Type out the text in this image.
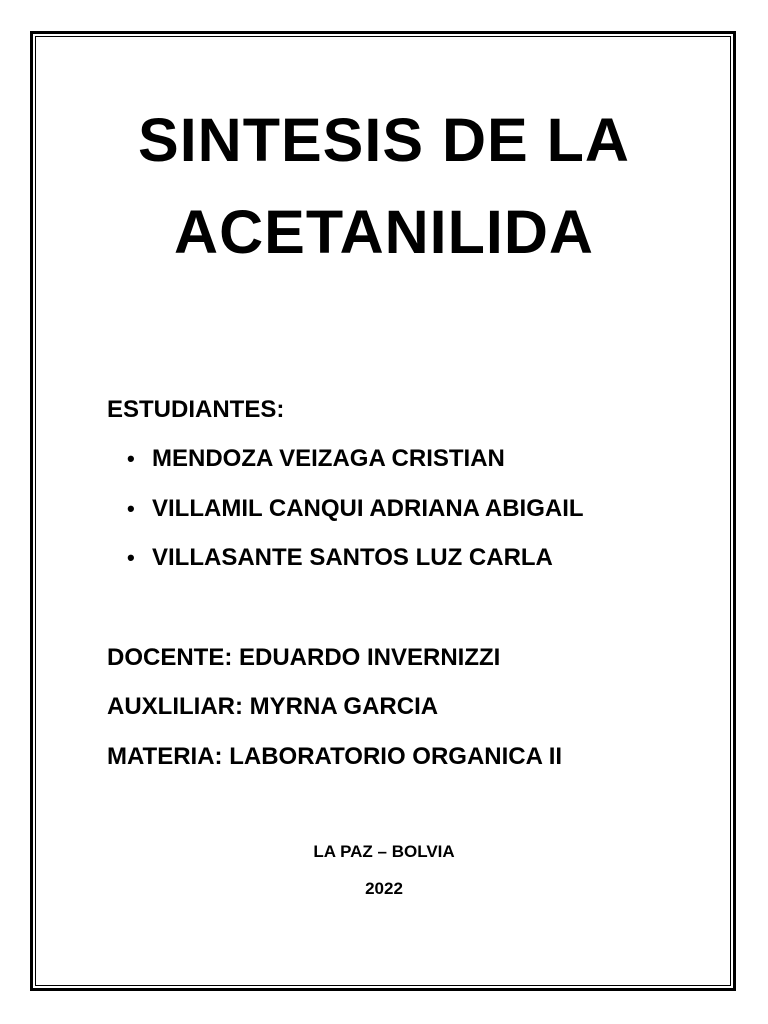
SINTESIS DE LA
ACETANILIDA

ESTUDIANTES:

• MENDOZA VEIZAGA CRISTIAN
• VILLAMIL CANQUI ADRIANA ABIGAIL
• VILLASANTE SANTOS LUZ CARLA

DOCENTE: EDUARDO INVERNIZZI

AUXLILIAR: MYRNA GARCIA

MATERIA: LABORATORIO ORGANICA II

LA PAZ – BOLVIA

2022
